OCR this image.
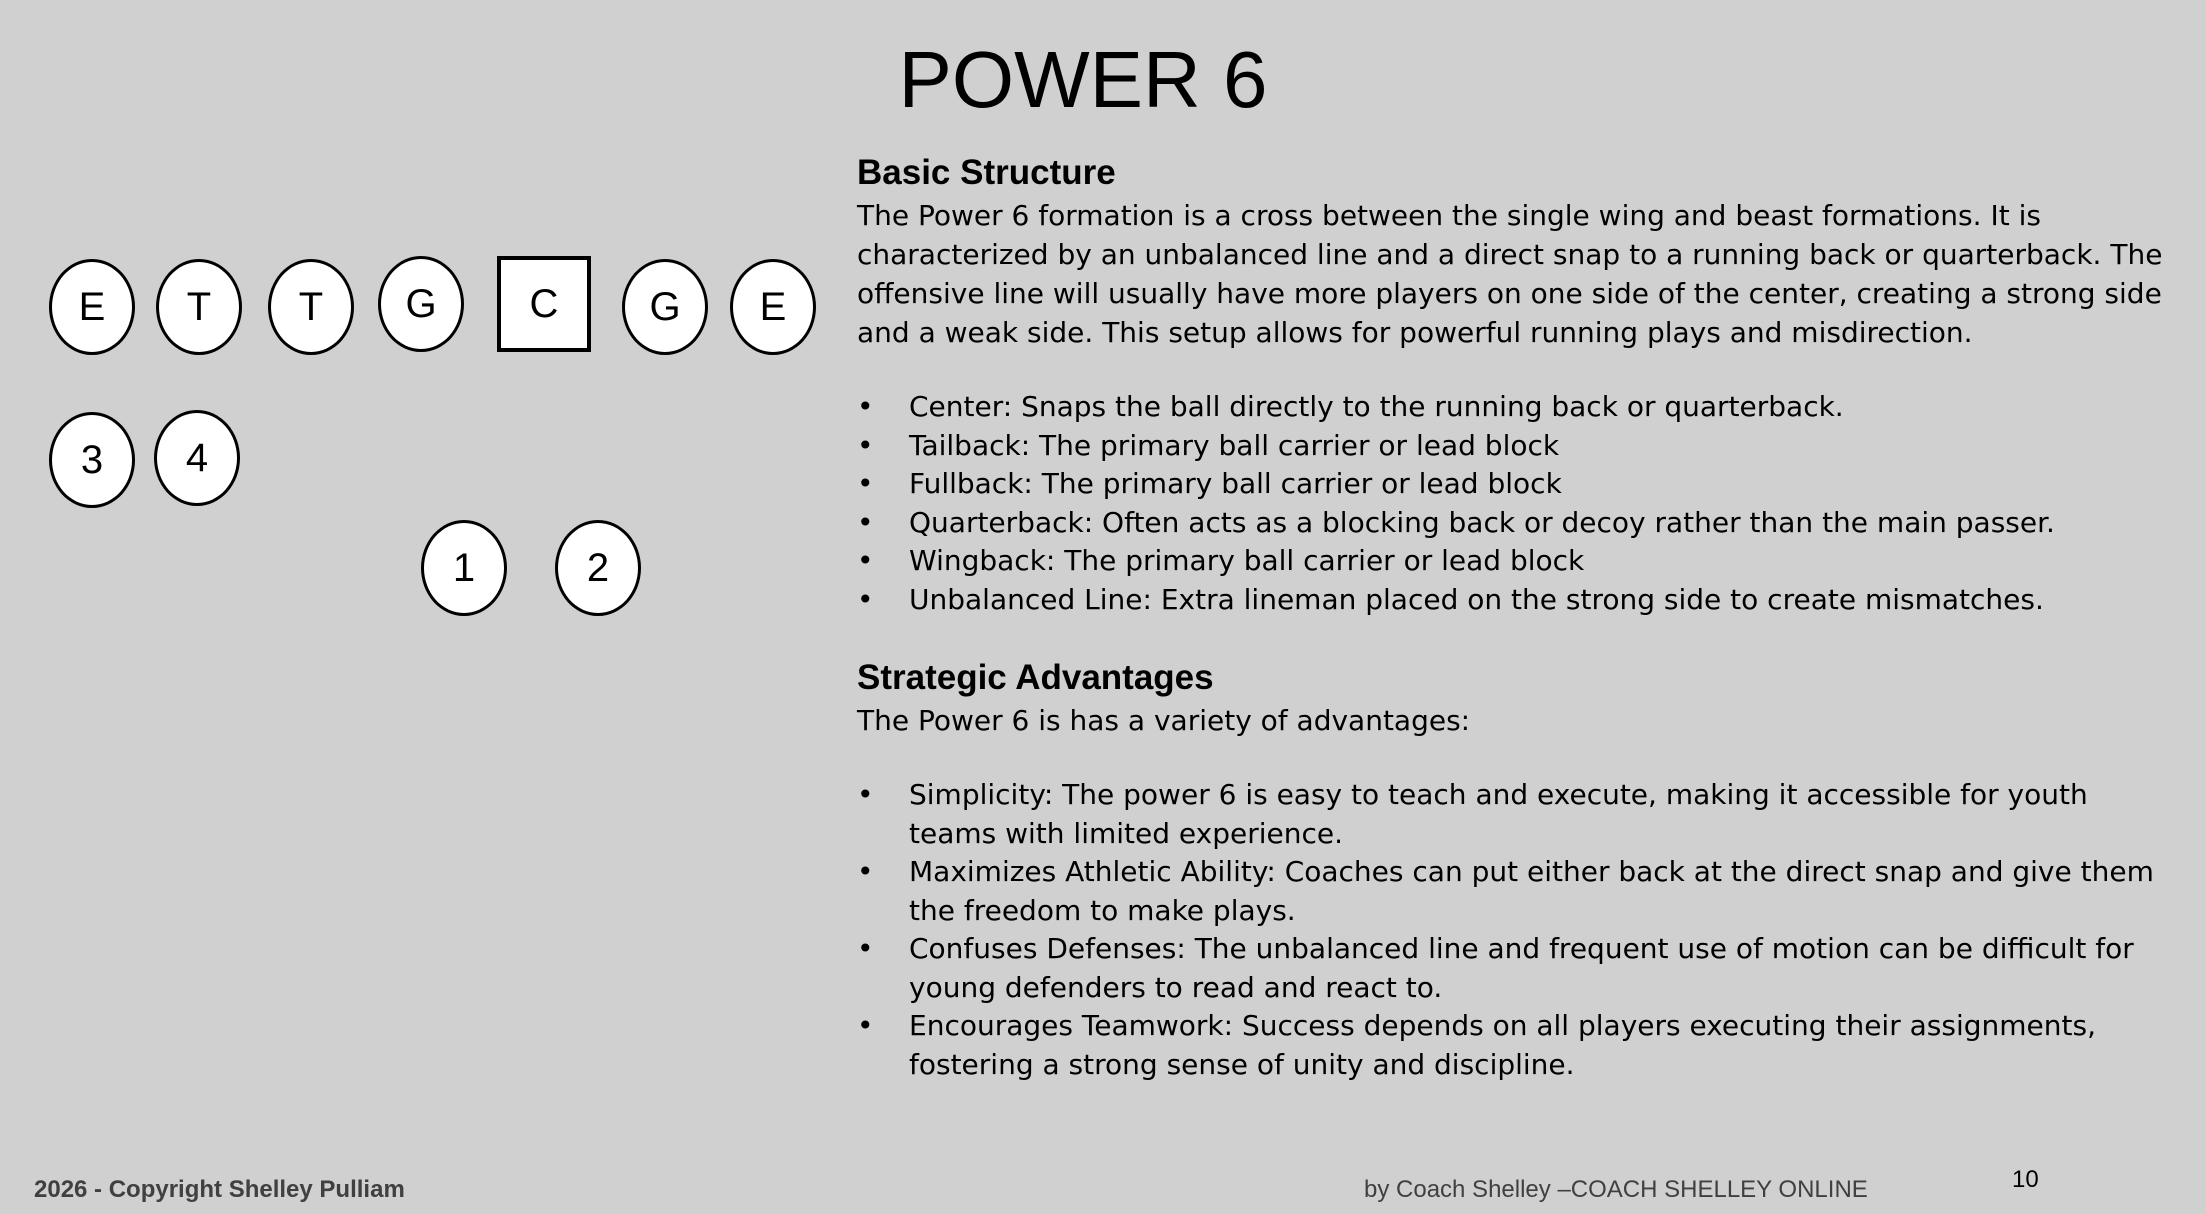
POWER 6
E	T	T	G	C	G	E
3	4
1	2
Basic Structure
The Power 6 formation is a cross between the single wing and beast formations. It is characterized by an unbalanced line and a direct snap to a running back or quarterback. The offensive line will usually have more players on one side of the center, creating a strong side and a weak side. This setup allows for powerful running plays and misdirection.
• Center: Snaps the ball directly to the running back or quarterback.
• Tailback: The primary ball carrier or lead block
• Fullback: The primary ball carrier or lead block
• Quarterback: Often acts as a blocking back or decoy rather than the main passer.
• Wingback: The primary ball carrier or lead block
• Unbalanced Line: Extra lineman placed on the strong side to create mismatches.
Strategic Advantages
The Power 6 is has a variety of advantages:
• Simplicity: The power 6 is easy to teach and execute, making it accessible for youth teams with limited experience.
• Maximizes Athletic Ability: Coaches can put either back at the direct snap and give them the freedom to make plays.
• Confuses Defenses: The unbalanced line and frequent use of motion can be difficult for young defenders to read and react to.
• Encourages Teamwork: Success depends on all players executing their assignments, fostering a strong sense of unity and discipline.
2026 - Copyright Shelley Pulliam	by Coach Shelley –COACH SHELLEY ONLINE	10
